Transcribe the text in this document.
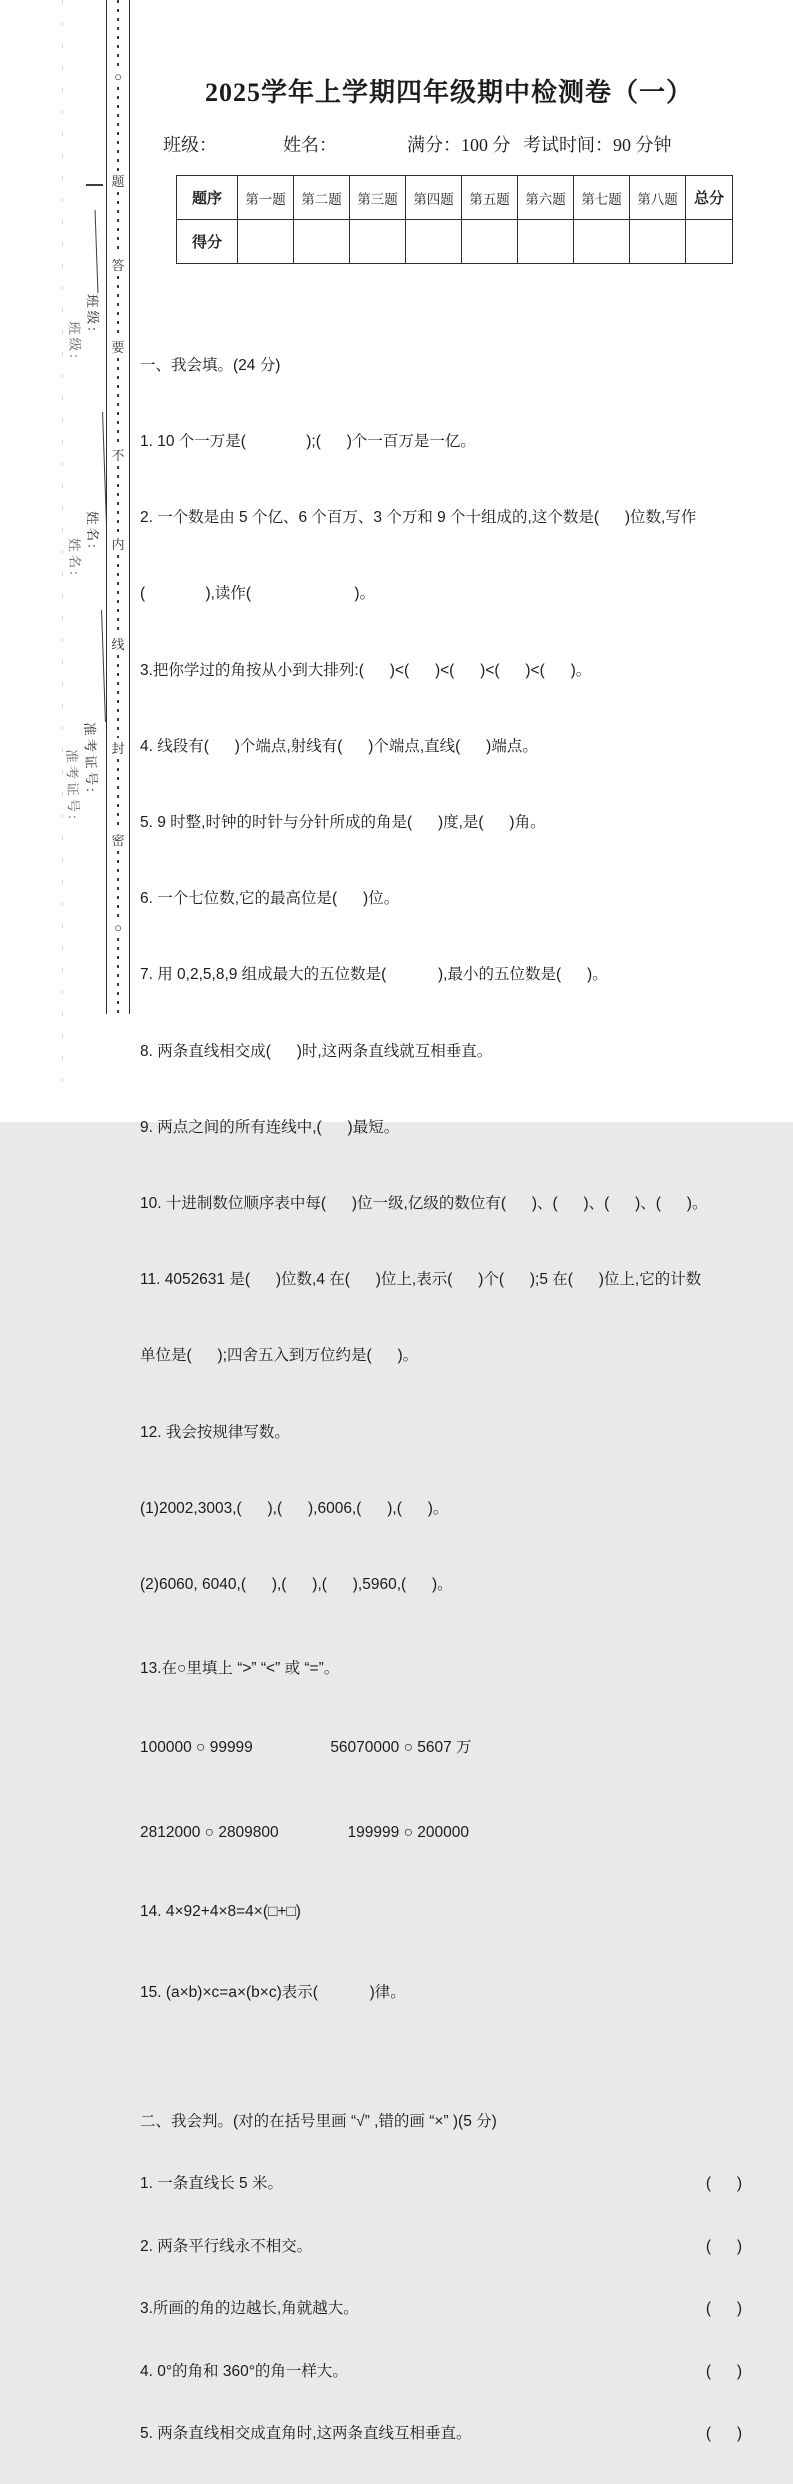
班级:
班级:
姓名:
姓名:
准考证号:
准考证号:
○
题
答
要
不
内
线
封
密
○
2025学年上学期四年级期中检测卷（一）
班级：	姓名：	满分：100 分 考试时间：90 分钟
题序	第一题	第二题	第三题	第四题	第五题	第六题	第七题	第八题	总分
得分									

一、我会填。(24 分)

1. 10 个一万是(              );(      )个一百万是一亿。

2. 一个数是由 5 个亿、6 个百万、3 个万和 9 个十组成的,这个数是(      )位数,写作

(              ),读作(                        )。

3.把你学过的角按从小到大排列:(      )<(      )<(      )<(      )<(      )。

4. 线段有(      )个端点,射线有(      )个端点,直线(      )端点。

5. 9 时整,时钟的时针与分针所成的角是(      )度,是(      )角。

6. 一个七位数,它的最高位是(      )位。

7. 用 0,2,5,8,9 组成最大的五位数是(            ),最小的五位数是(      )。

8. 两条直线相交成(      )时,这两条直线就互相垂直。

9. 两点之间的所有连线中,(      )最短。

10. 十进制数位顺序表中每(      )位一级,亿级的数位有(      )、(      )、(      )、(      )。

11. 4052631 是(      )位数,4 在(      )位上,表示(      )个(      );5 在(      )位上,它的计数

单位是(      );四舍五入到万位约是(      )。

12. 我会按规律写数。

(1)2002,3003,(      ),(      ),6006,(      ),(      )。

(2)6060, 6040,(      ),(      ),(      ),5960,(      )。

13.在○里填上 “>” “<” 或 “=”。

100000 ○ 99999                  56070000 ○ 5607 万

2812000 ○ 2809800                199999 ○ 200000

14. 4×92+4×8=4×(□+□)

15. (a×b)×c=a×(b×c)表示(            )律。

二、我会判。(对的在括号里画 “√” ,错的画 “×” )(5 分)

1. 一条直线长 5 米。	(      )

2. 两条平行线永不相交。	(      )

3.所画的角的边越长,角就越大。	(      )

4. 0°的角和 360°的角一样大。	(      )

5. 两条直线相交成直角时,这两条直线互相垂直。	(      )
